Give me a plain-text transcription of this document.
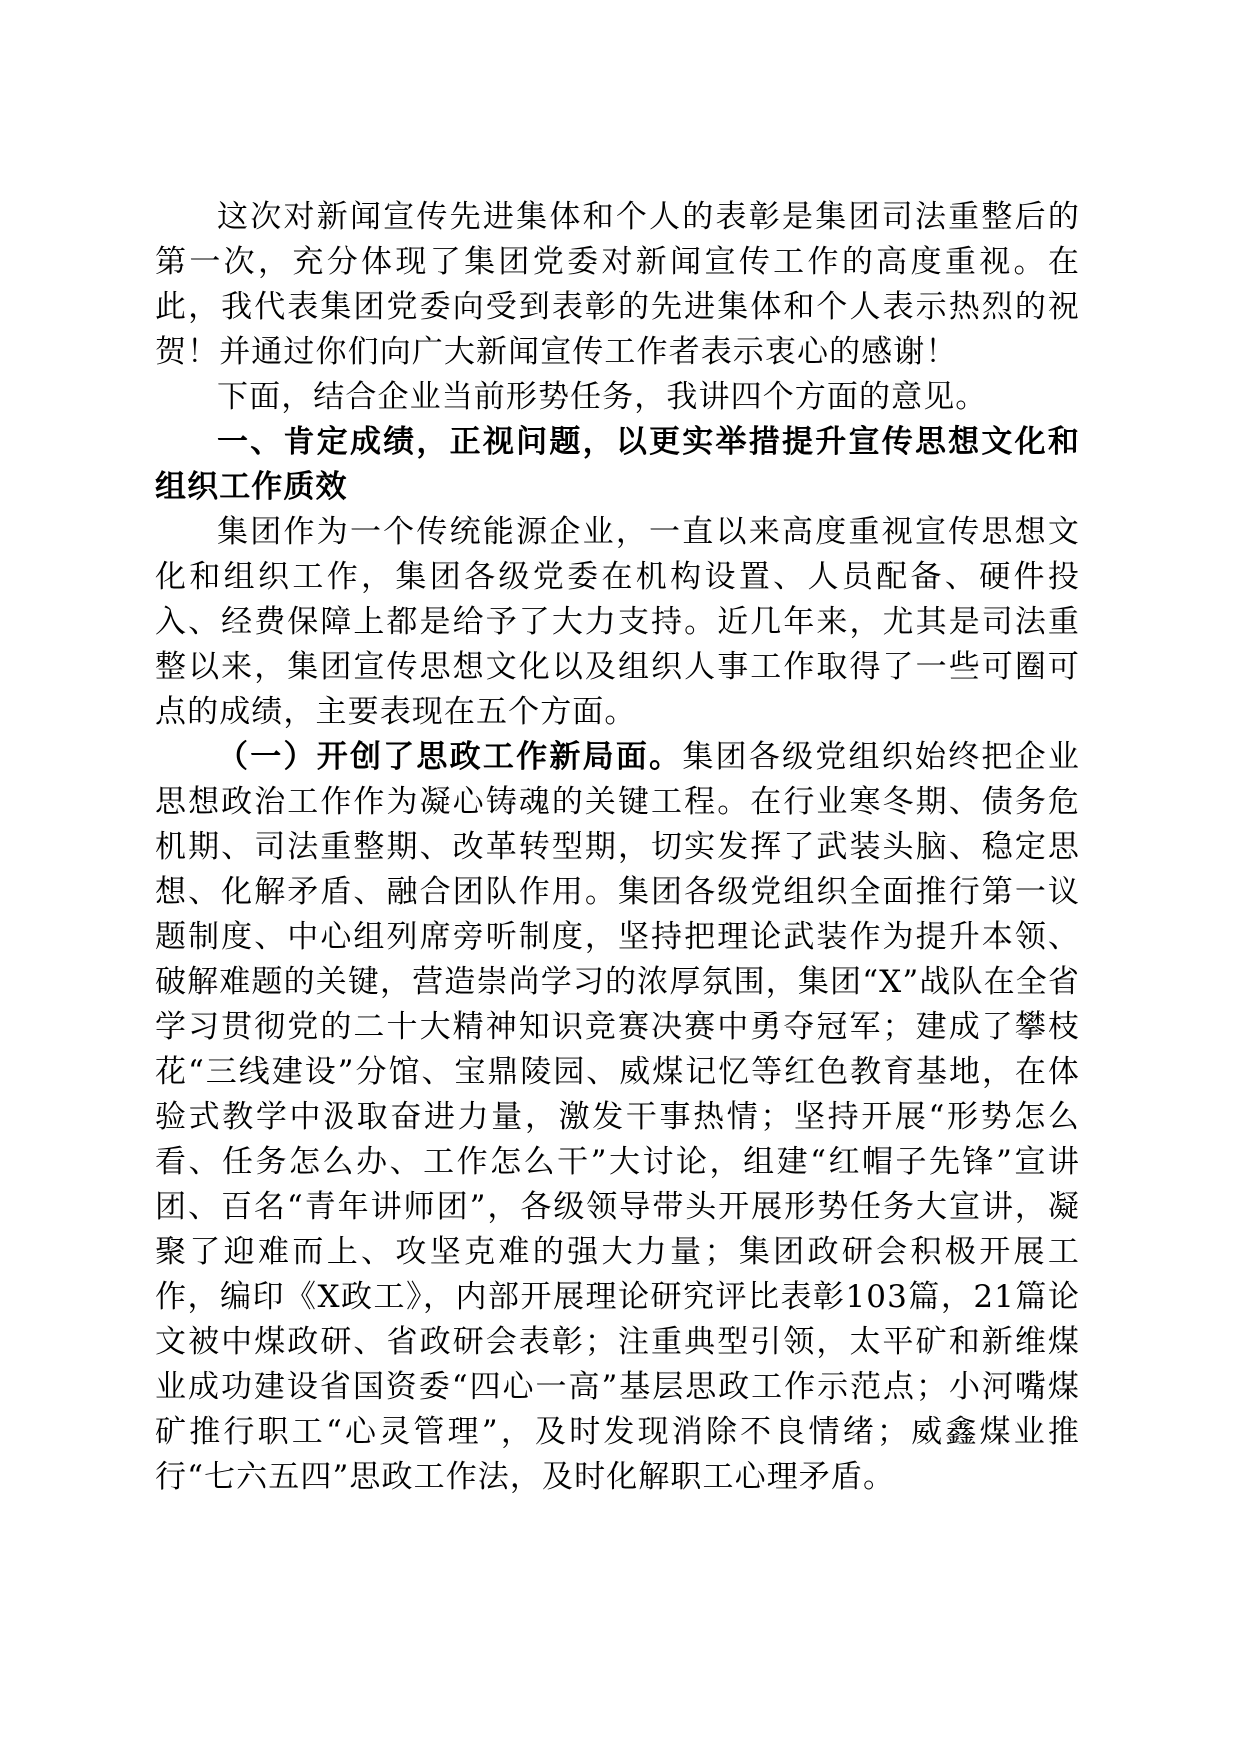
这次对新闻宣传先进集体和个人的表彰是集团司法重整后的第一次，充分体现了集团党委对新闻宣传工作的高度重视。在此，我代表集团党委向受到表彰的先进集体和个人表示热烈的祝贺！并通过你们向广大新闻宣传工作者表示衷心的感谢！

下面，结合企业当前形势任务，我讲四个方面的意见。

一、肯定成绩，正视问题，以更实举措提升宣传思想文化和组织工作质效

集团作为一个传统能源企业，一直以来高度重视宣传思想文化和组织工作，集团各级党委在机构设置、人员配备、硬件投入、经费保障上都是给予了大力支持。近几年来，尤其是司法重整以来，集团宣传思想文化以及组织人事工作取得了一些可圈可点的成绩，主要表现在五个方面。

（一）开创了思政工作新局面。集团各级党组织始终把企业思想政治工作作为凝心铸魂的关键工程。在行业寒冬期、债务危机期、司法重整期、改革转型期，切实发挥了武装头脑、稳定思想、化解矛盾、融合团队作用。集团各级党组织全面推行第一议题制度、中心组列席旁听制度，坚持把理论武装作为提升本领、破解难题的关键，营造崇尚学习的浓厚氛围，集团“X”战队在全省学习贯彻党的二十大精神知识竞赛决赛中勇夺冠军；建成了攀枝花“三线建设”分馆、宝鼎陵园、威煤记忆等红色教育基地，在体验式教学中汲取奋进力量，激发干事热情；坚持开展“形势怎么看、任务怎么办、工作怎么干”大讨论，组建“红帽子先锋”宣讲团、百名“青年讲师团”，各级领导带头开展形势任务大宣讲，凝聚了迎难而上、攻坚克难的强大力量；集团政研会积极开展工作，编印《X政工》，内部开展理论研究评比表彰103篇，21篇论文被中煤政研、省政研会表彰；注重典型引领，太平矿和新维煤业成功建设省国资委“四心一高”基层思政工作示范点；小河嘴煤矿推行职工“心灵管理”，及时发现消除不良情绪；威鑫煤业推行“七六五四”思政工作法，及时化解职工心理矛盾。
